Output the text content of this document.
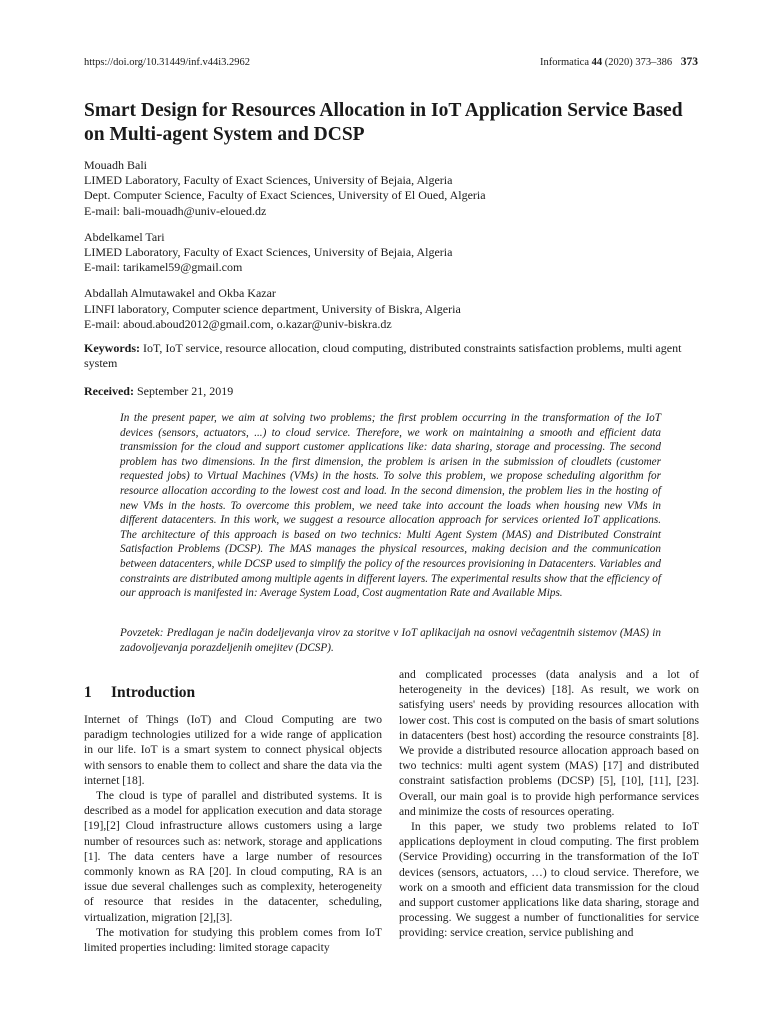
https://doi.org/10.31449/inf.v44i3.2962	Informatica 44 (2020) 373–386 373
Smart Design for Resources Allocation in IoT Application Service Based on Multi-agent System and DCSP
Mouadh Bali
LIMED Laboratory, Faculty of Exact Sciences, University of Bejaia, Algeria
Dept. Computer Science, Faculty of Exact Sciences, University of El Oued, Algeria
E-mail: bali-mouadh@univ-eloued.dz
Abdelkamel Tari
LIMED Laboratory, Faculty of Exact Sciences, University of Bejaia, Algeria
E-mail: tarikamel59@gmail.com
Abdallah Almutawakel and Okba Kazar
LINFI laboratory, Computer science department, University of Biskra, Algeria
E-mail: aboud.aboud2012@gmail.com, o.kazar@univ-biskra.dz

Keywords: IoT, IoT service, resource allocation, cloud computing, distributed constraints satisfaction problems, multi agent system

Received: September 21, 2019

In the present paper, we aim at solving two problems; the first problem occurring in the transformation of the IoT devices (sensors, actuators, ...) to cloud service. Therefore, we work on maintaining a smooth and efficient data transmission for the cloud and support customer applications like: data sharing, storage and processing. The second problem has two dimensions. In the first dimension, the problem is arisen in the submission of cloudlets (customer requested jobs) to Virtual Machines (VMs) in the hosts. To solve this problem, we propose scheduling algorithm for resource allocation according to the lowest cost and load. In the second dimension, the problem lies in the hosting of new VMs in the hosts. To overcome this problem, we need take into account the loads when housing new VMs in different datacenters. In this work, we suggest a resource allocation approach for services oriented IoT applications. The architecture of this approach is based on two technics: Multi Agent System (MAS) and Distributed Constraint Satisfaction Problems (DCSP). The MAS manages the physical resources, making decision and the communication between datacenters, while DCSP used to simplify the policy of the resources provisioning in Datacenters. Variables and constraints are distributed among multiple agents in different layers. The experimental results show that the efficiency of our approach is manifested in: Average System Load, Cost augmentation Rate and Available Mips.

Povzetek: Predlagan je način dodeljevanja virov za storitve v IoT aplikacijah na osnovi večagentnih sistemov (MAS) in zadovoljevanja porazdeljenih omejitev (DCSP).

1 Introduction

Internet of Things (IoT) and Cloud Computing are two paradigm technologies utilized for a wide range of application in our life. IoT is a smart system to connect physical objects with sensors to enable them to collect and share the data via the internet [18].

The cloud is type of parallel and distributed systems. It is described as a model for application execution and data storage [19],[2] Cloud infrastructure allows customers using a large number of resources such as: network, storage and applications [1]. The data centers have a large number of resources commonly known as RA [20]. In cloud computing, RA is an issue due several challenges such as complexity, heterogeneity of resource that resides in the datacenter, scheduling, virtualization, migration [2],[3].

The motivation for studying this problem comes from IoT limited properties including: limited storage capacity

and complicated processes (data analysis and a lot of heterogeneity in the devices) [18]. As result, we work on satisfying users' needs by providing resources allocation with lower cost. This cost is computed on the basis of smart solutions in datacenters (best host) according the resource constraints [8]. We provide a distributed resource allocation approach based on two technics: multi agent system (MAS) [17] and distributed constraint satisfaction problems (DCSP) [5], [10], [11], [23]. Overall, our main goal is to provide high performance services and minimize the costs of resources operating.

In this paper, we study two problems related to IoT applications deployment in cloud computing. The first problem (Service Providing) occurring in the transformation of the IoT devices (sensors, actuators, …) to cloud service. Therefore, we work on a smooth and efficient data transmission for the cloud and support customer applications like data sharing, storage and processing. We suggest a number of functionalities for service providing: service creation, service publishing and
